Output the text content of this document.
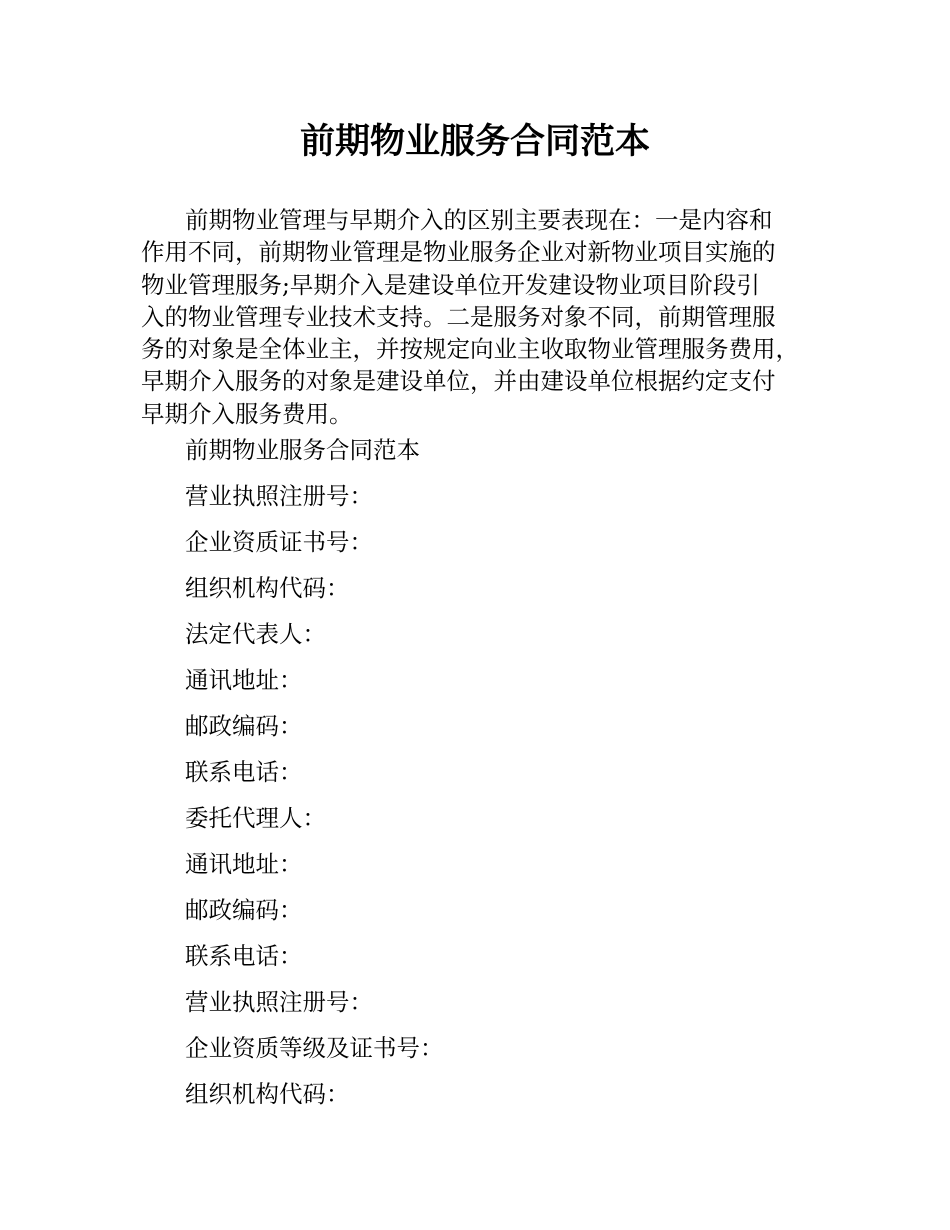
前期物业服务合同范本

前期物业管理与早期介入的区别主要表现在：一是内容和
作用不同，前期物业管理是物业服务企业对新物业项目实施的
物业管理服务;早期介入是建设单位开发建设物业项目阶段引
入的物业管理专业技术支持。二是服务对象不同，前期管理服
务的对象是全体业主，并按规定向业主收取物业管理服务费用，
早期介入服务的对象是建设单位，并由建设单位根据约定支付
早期介入服务费用。

前期物业服务合同范本
营业执照注册号：
企业资质证书号：
组织机构代码：
法定代表人：
通讯地址：
邮政编码：
联系电话：
委托代理人：
通讯地址：
邮政编码：
联系电话：
营业执照注册号：
企业资质等级及证书号：
组织机构代码：
